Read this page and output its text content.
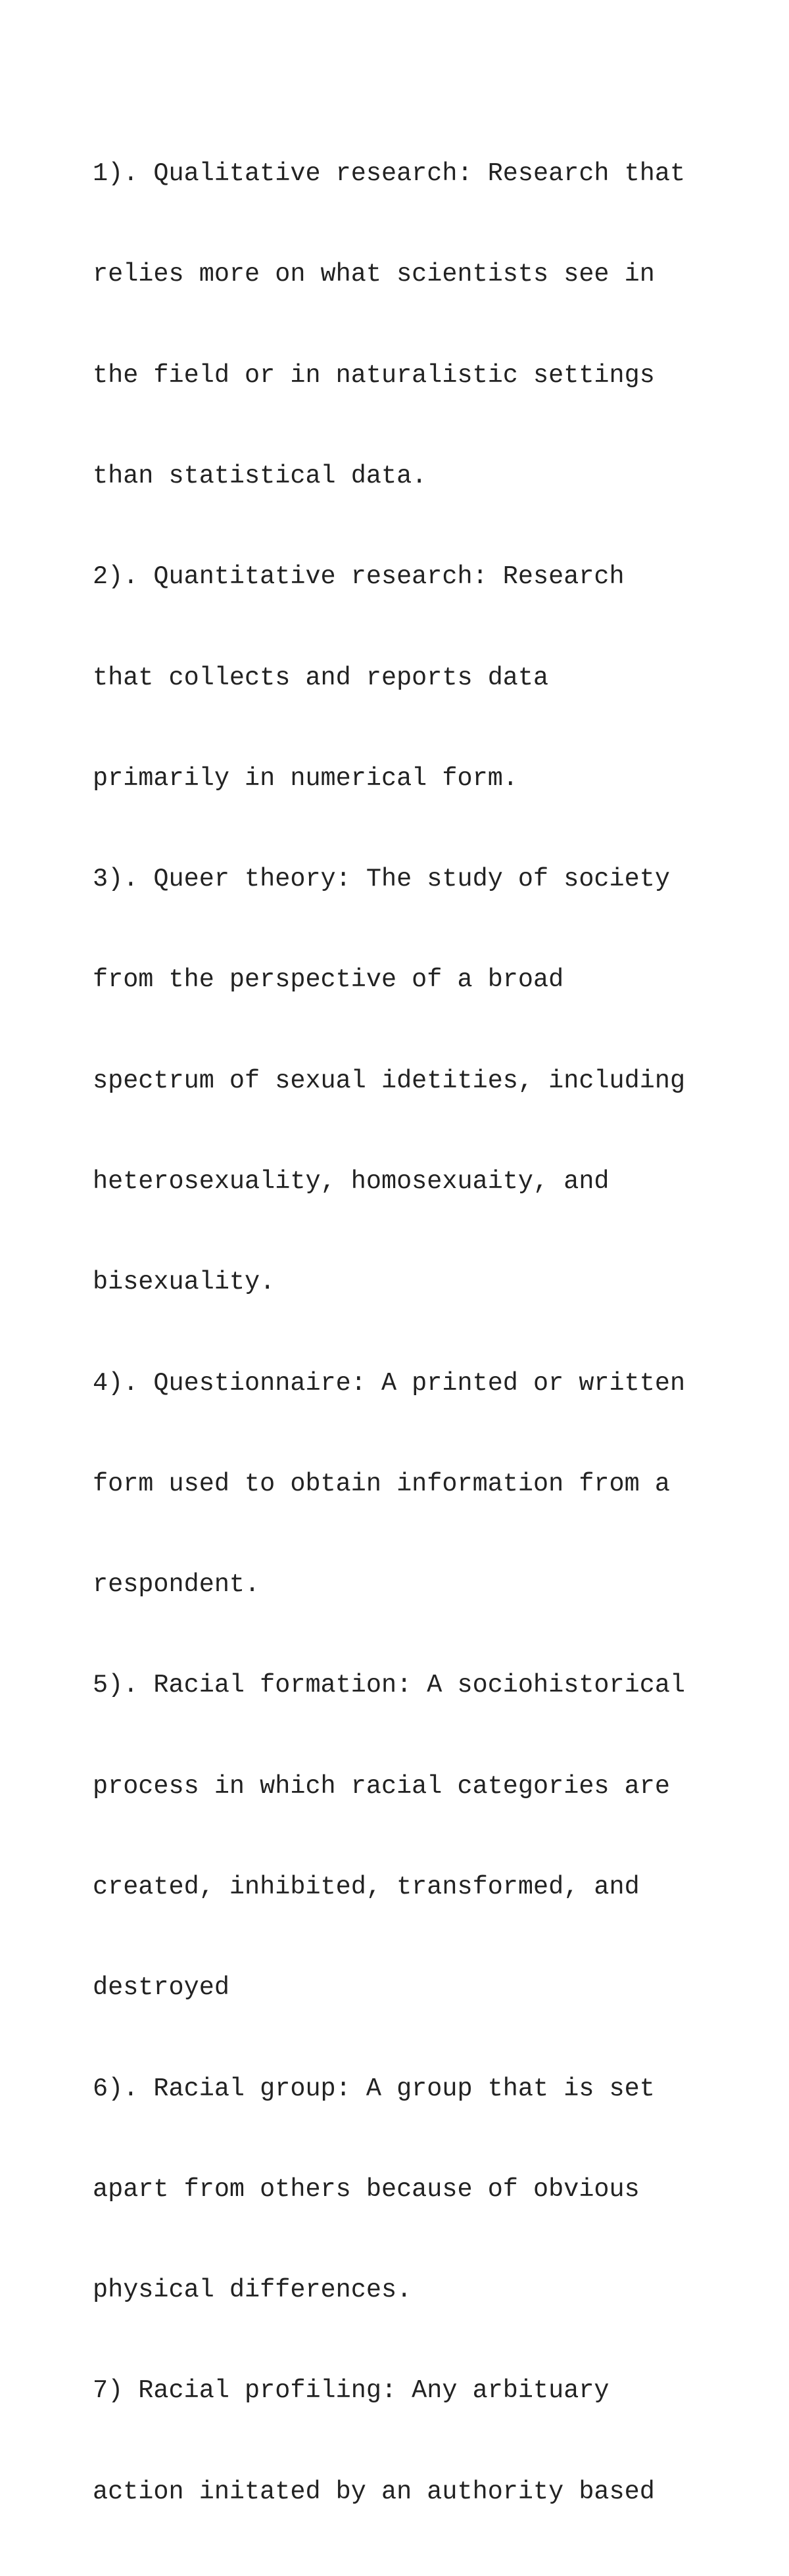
1). Qualitative research: Research that

relies more on what scientists see in

the field or in naturalistic settings

than statistical data.

2). Quantitative research: Research

that collects and reports data

primarily in numerical form.

3). Queer theory: The study of society

from the perspective of a broad

spectrum of sexual idetities, including

heterosexuality, homosexuaity, and

bisexuality.

4). Questionnaire: A printed or written

form used to obtain information from a

respondent.

5). Racial formation: A sociohistorical

process in which racial categories are

created, inhibited, transformed, and

destroyed

6). Racial group: A group that is set

apart from others because of obvious

physical differences.

7) Racial profiling: Any arbituary

action initated by an authority based
